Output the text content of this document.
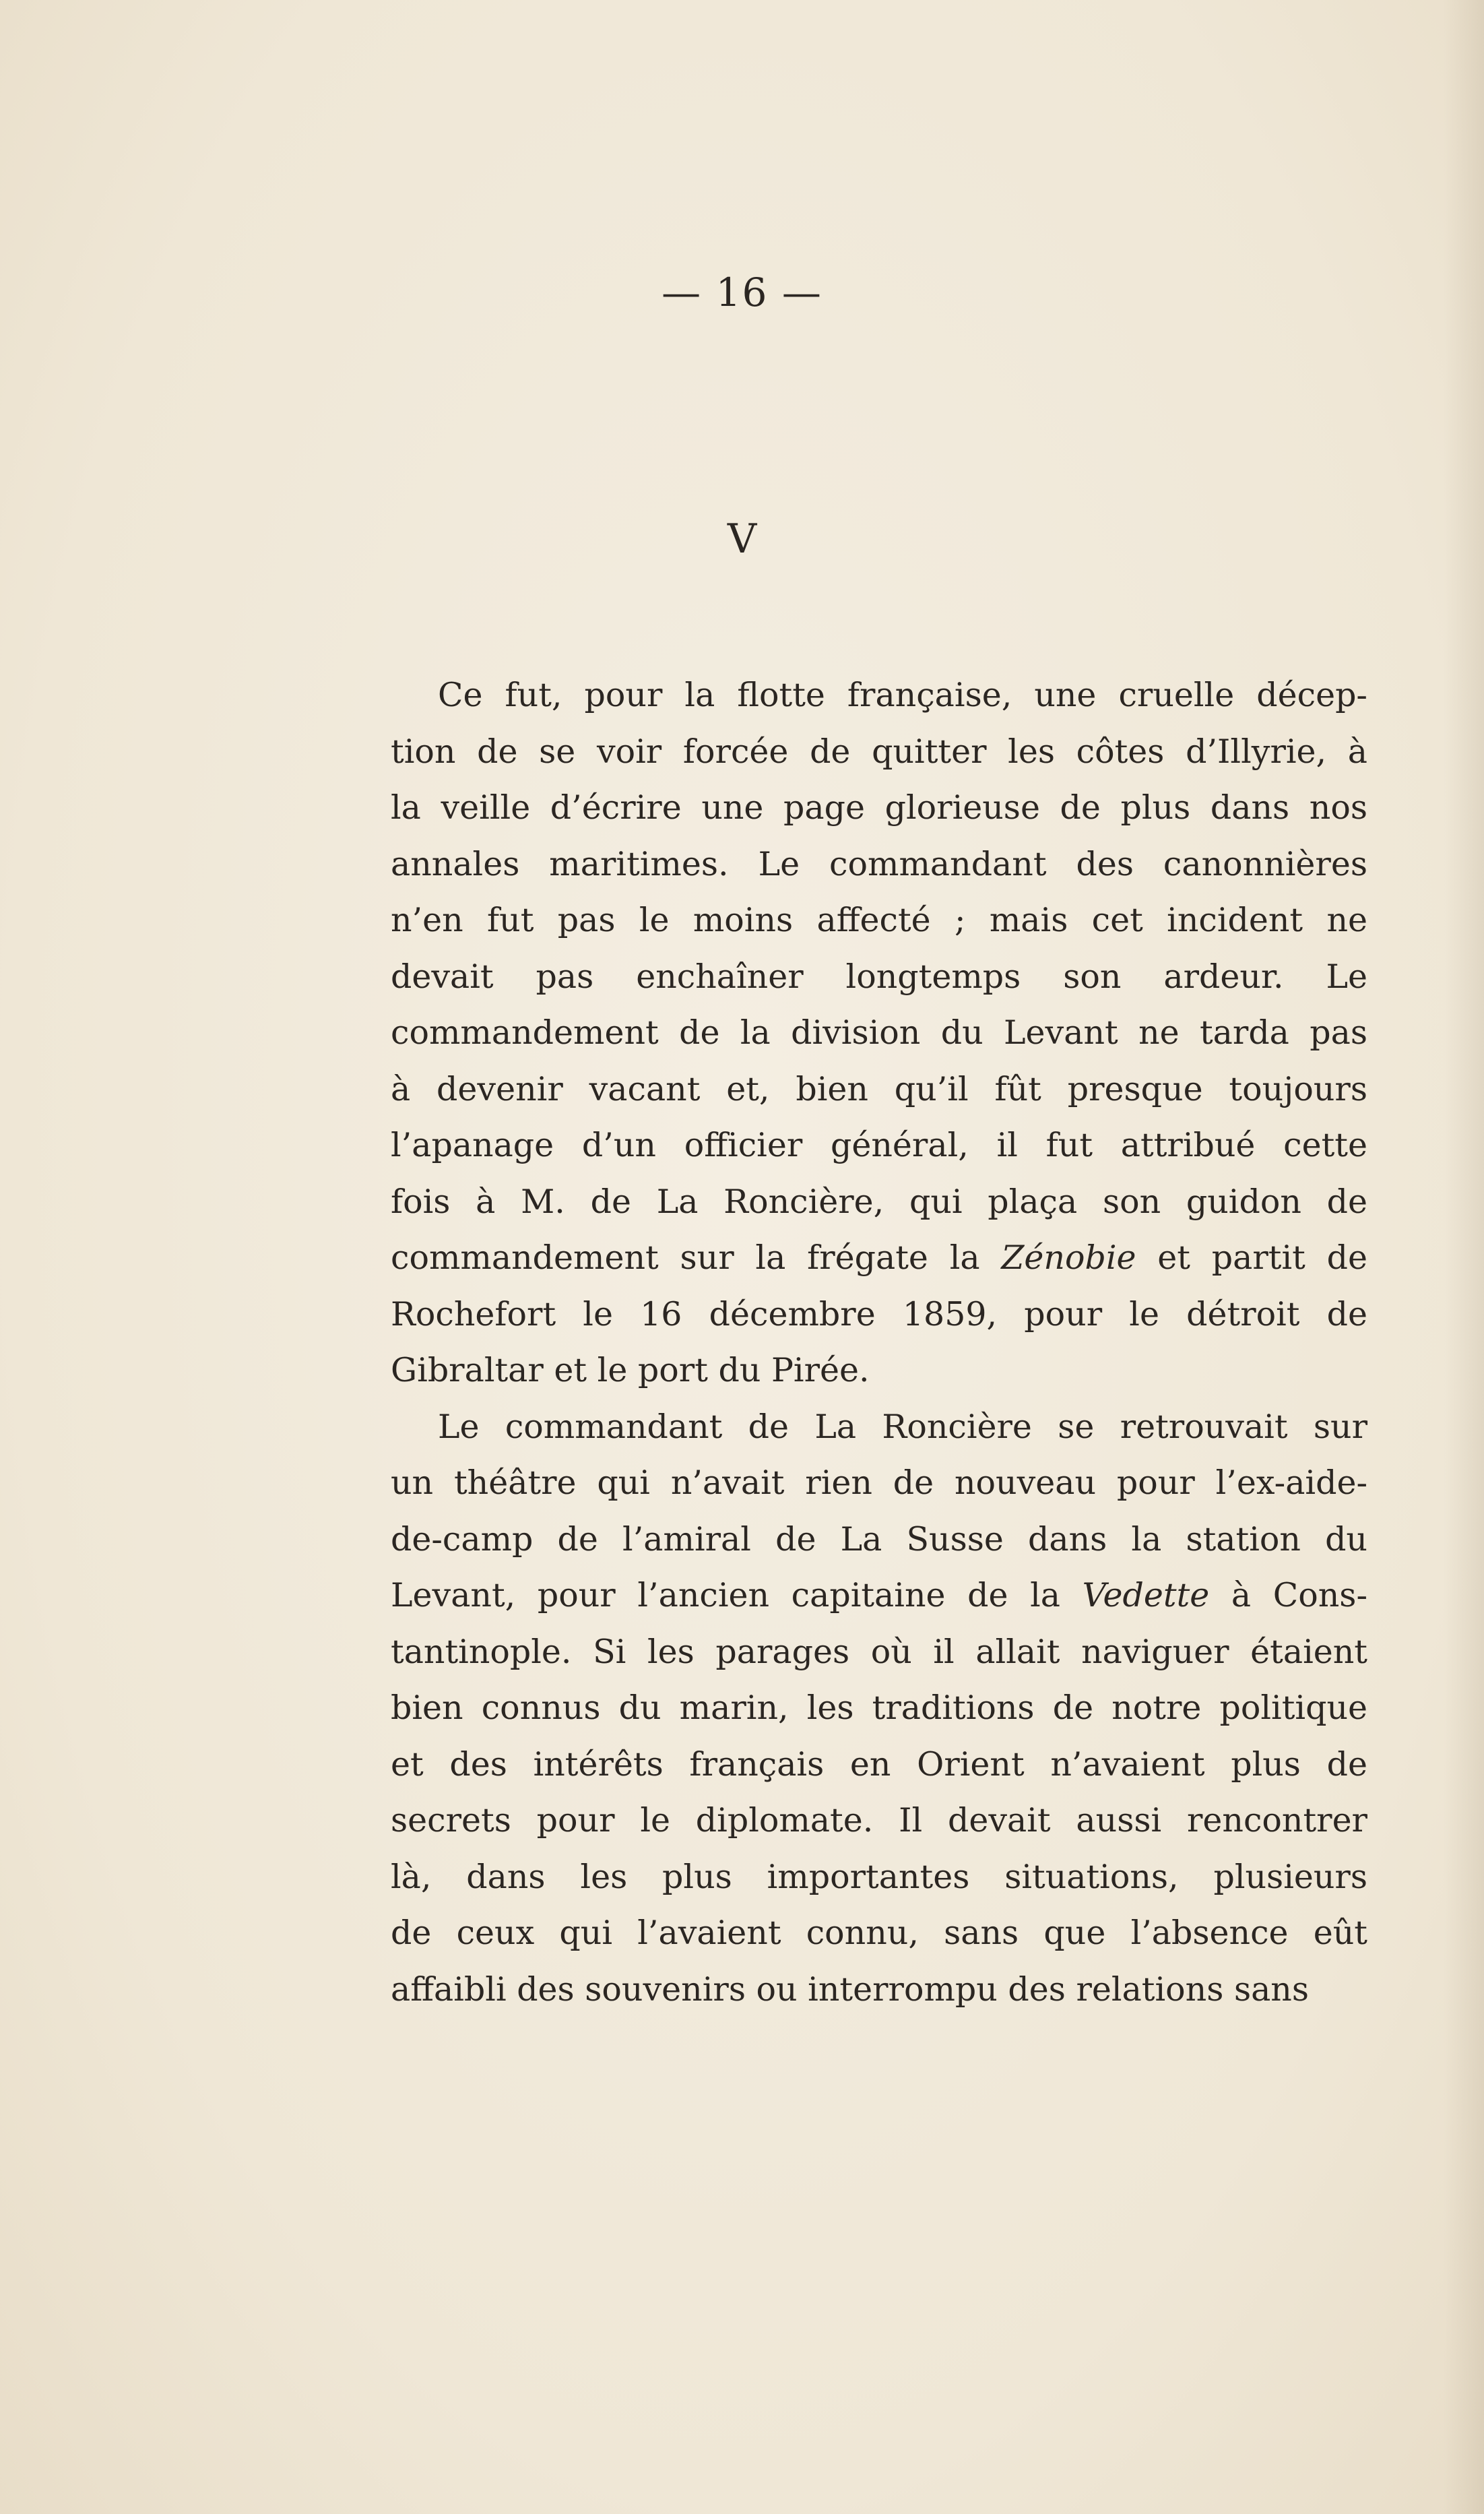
— 16 —
V

Ce fut, pour la flotte française, une cruelle décep-
tion de se voir forcée de quitter les côtes d’Illyrie, à
la veille d’écrire une page glorieuse de plus dans nos
annales maritimes. Le commandant des canonnières
n’en fut pas le moins affecté ; mais cet incident ne
devait pas enchaîner longtemps son ardeur. Le
commandement de la division du Levant ne tarda pas
à devenir vacant et, bien qu’il fût presque toujours
l’apanage d’un officier général, il fut attribué cette
fois à M. de La Roncière, qui plaça son guidon de
commandement sur la frégate la Zénobie et partit de
Rochefort le 16 décembre 1859, pour le détroit de
Gibraltar et le port du Pirée.

Le commandant de La Roncière se retrouvait sur
un théâtre qui n’avait rien de nouveau pour l’ex-aide-
de-camp de l’amiral de La Susse dans la station du
Levant, pour l’ancien capitaine de la Vedette à Cons-
tantinople. Si les parages où il allait naviguer étaient
bien connus du marin, les traditions de notre politique
et des intérêts français en Orient n’avaient plus de
secrets pour le diplomate. Il devait aussi rencontrer
là, dans les plus importantes situations, plusieurs
de ceux qui l’avaient connu, sans que l’absence eût
affaibli des souvenirs ou interrompu des relations sans
